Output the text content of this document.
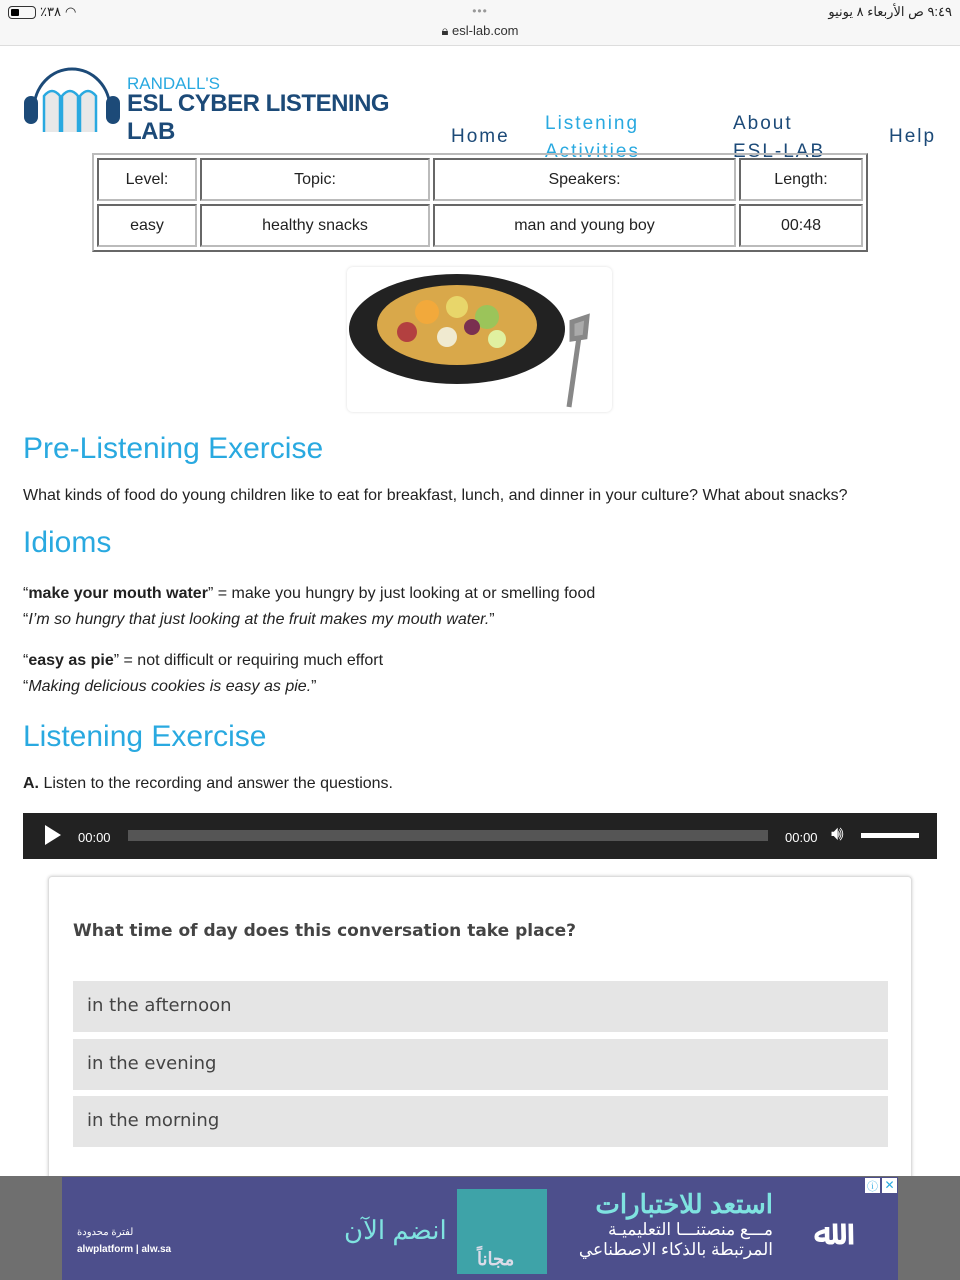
٪٣٨ ◠	•••
🔒︎ esl-lab.com
٩:٤٩ ص الأربعاء ٨ يونيو
RANDALL'S
ESL CYBER LISTENING LAB	Home
Listening
Activities
About
ESL-LAB
Help
Level:	Topic:	Speakers:	Length:
easy	healthy snacks	man and young boy	00:48
Pre-Listening Exercise
What kinds of food do young children like to eat for breakfast, lunch, and dinner in your culture? What about snacks?
Idioms
“make your mouth water” = make you hungry by just looking at or smelling food
“I’m so hungry that just looking at the fruit makes my mouth water.”
“easy as pie” = not difficult or requiring much effort
“Making delicious cookies is easy as pie.”
Listening Exercise
A. Listen to the recording and answer the questions.
00:00	00:00 🔊︎
What time of day does this conversation take place?
in the afternoon
in the evening
in the morning
ﷲ
استعد للاختبارات
مـــع منصتنـــا التعليميـة
المرتبطة بالذكاء الاصطناعي
مجاناً
انضم الآن
لفترة محدودة
alwplatform | alw.sa
ⓘ ✕
